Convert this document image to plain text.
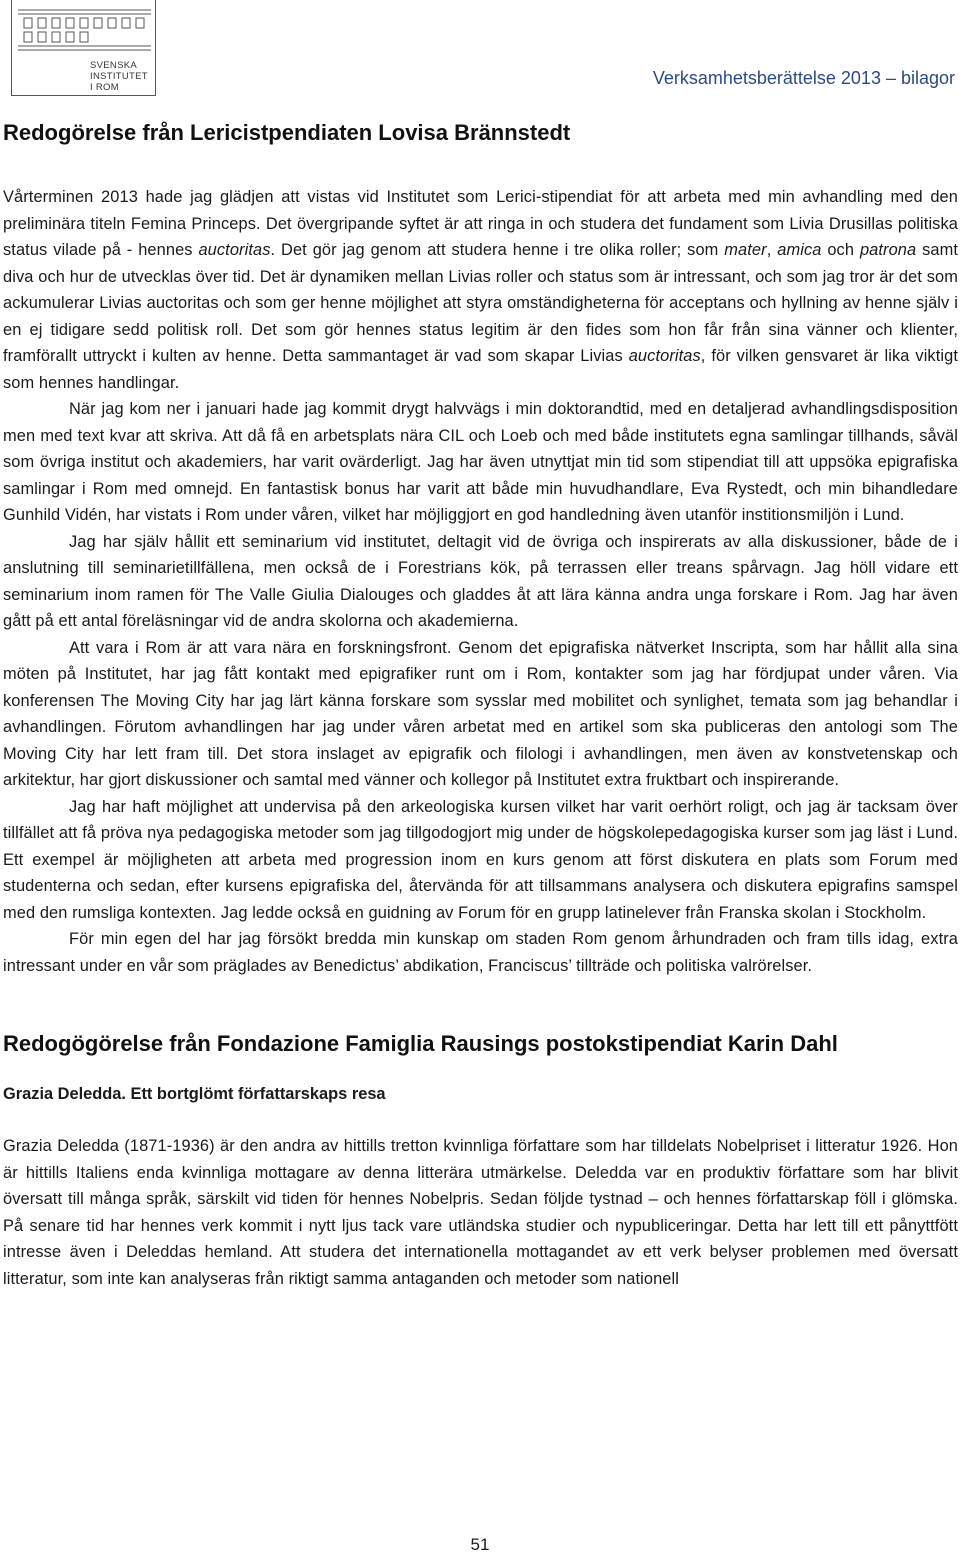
SVENSKA
INSTITUTET
I ROM	Verksamhetsberättelse 2013 – bilagor
Redogörelse från Lericistpendiaten Lovisa Brännstedt

Vårterminen 2013 hade jag glädjen att vistas vid Institutet som Lerici-stipendiat för att arbeta med min avhandling med den preliminära titeln Femina Princeps. Det övergripande syftet är att ringa in och studera det fundament som Livia Drusillas politiska status vilade på - hennes auctoritas. Det gör jag genom att studera henne i tre olika roller; som mater, amica och patrona samt diva och hur de utvecklas över tid. Det är dynamiken mellan Livias roller och status som är intressant, och som jag tror är det som ackumulerar Livias auctoritas och som ger henne möjlighet att styra omständigheterna för acceptans och hyllning av henne själv i en ej tidigare sedd politisk roll. Det som gör hennes status legitim är den fides som hon får från sina vänner och klienter, framförallt uttryckt i kulten av henne. Detta sammantaget är vad som skapar Livias auctoritas, för vilken gensvaret är lika viktigt som hennes handlingar.

När jag kom ner i januari hade jag kommit drygt halvvägs i min doktorandtid, med en detaljerad avhandlingsdisposition men med text kvar att skriva. Att då få en arbetsplats nära CIL och Loeb och med både institutets egna samlingar tillhands, såväl som övriga institut och akademiers, har varit ovärderligt. Jag har även utnyttjat min tid som stipendiat till att uppsöka epigrafiska samlingar i Rom med omnejd. En fantastisk bonus har varit att både min huvudhandlare, Eva Rystedt, och min bihandledare Gunhild Vidén, har vistats i Rom under våren, vilket har möjliggjort en god handledning även utanför institionsmiljön i Lund.

Jag har själv hållit ett seminarium vid institutet, deltagit vid de övriga och inspirerats av alla diskussioner, både de i anslutning till seminarietillfällena, men också de i Forestrians kök, på terrassen eller treans spårvagn. Jag höll vidare ett seminarium inom ramen för The Valle Giulia Dialouges och gladdes åt att lära känna andra unga forskare i Rom. Jag har även gått på ett antal föreläsningar vid de andra skolorna och akademierna.

Att vara i Rom är att vara nära en forskningsfront. Genom det epigrafiska nätverket Inscripta, som har hållit alla sina möten på Institutet, har jag fått kontakt med epigrafiker runt om i Rom, kontakter som jag har fördjupat under våren. Via konferensen The Moving City har jag lärt känna forskare som sysslar med mobilitet och synlighet, temata som jag behandlar i avhandlingen. Förutom avhandlingen har jag under våren arbetat med en artikel som ska publiceras den antologi som The Moving City har lett fram till. Det stora inslaget av epigrafik och filologi i avhandlingen, men även av konstvetenskap och arkitektur, har gjort diskussioner och samtal med vänner och kollegor på Institutet extra fruktbart och inspirerande.

Jag har haft möjlighet att undervisa på den arkeologiska kursen vilket har varit oerhört roligt, och jag är tacksam över tillfället att få pröva nya pedagogiska metoder som jag tillgodogjort mig under de högskolepedagogiska kurser som jag läst i Lund. Ett exempel är möjligheten att arbeta med progression inom en kurs genom att först diskutera en plats som Forum med studenterna och sedan, efter kursens epigrafiska del, återvända för att tillsammans analysera och diskutera epigrafins samspel med den rumsliga kontexten. Jag ledde också en guidning av Forum för en grupp latinelever från Franska skolan i Stockholm.

För min egen del har jag försökt bredda min kunskap om staden Rom genom århundraden och fram tills idag, extra intressant under en vår som präglades av Benedictus’ abdikation, Franciscus’ tillträde och politiska valrörelser.

Redogögörelse från Fondazione Famiglia Rausings postokstipendiat Karin Dahl
Grazia Deledda. Ett bortglömt författarskaps resa

Grazia Deledda (1871-1936) är den andra av hittills tretton kvinnliga författare som har tilldelats Nobelpriset i litteratur 1926. Hon är hittills Italiens enda kvinnliga mottagare av denna litterära utmärkelse. Deledda var en produktiv författare som har blivit översatt till många språk, särskilt vid tiden för hennes Nobelpris. Sedan följde tystnad – och hennes författarskap föll i glömska. På senare tid har hennes verk kommit i nytt ljus tack vare utländska studier och nypubliceringar. Detta har lett till ett pånyttfött intresse även i Deleddas hemland. Att studera det internationella mottagandet av ett verk belyser problemen med översatt litteratur, som inte kan analyseras från riktigt samma antaganden och metoder som nationell

51
